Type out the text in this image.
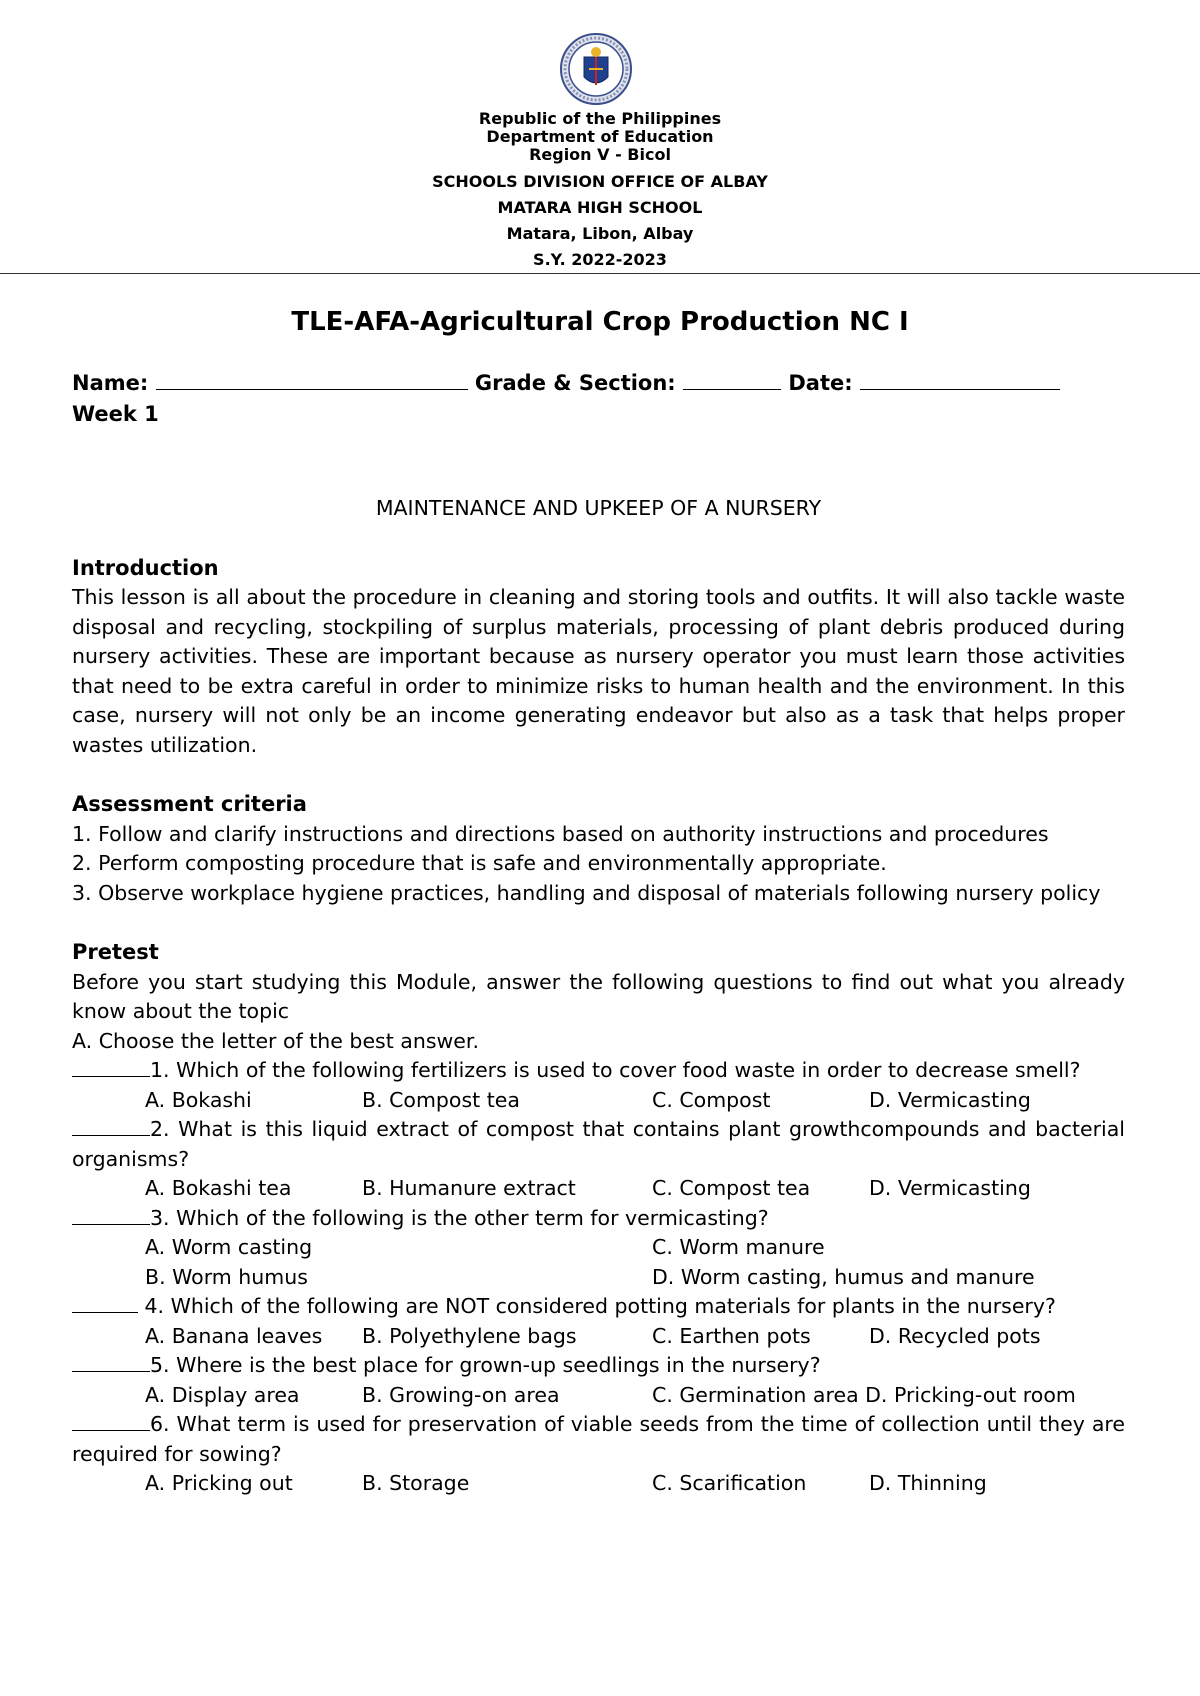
Republic of the Philippines
Department of Education
Region V - Bicol
SCHOOLS DIVISION OFFICE OF ALBAY
MATARA HIGH SCHOOL
Matara, Libon, Albay
S.Y. 2022-2023
TLE-AFA-Agricultural Crop Production NC I
Name:	Grade & Section:	Date:
Week 1
MAINTENANCE AND UPKEEP OF A NURSERY
Introduction

This lesson is all about the procedure in cleaning and storing tools and outfits. It will also tackle waste disposal and recycling, stockpiling of surplus materials, processing of plant debris produced during nursery activities. These are important because as nursery operator you must learn those activities that need to be extra careful in order to minimize risks to human health and the environment. In this case, nursery will not only be an income generating endeavor but also as a task that helps proper wastes utilization.

Assessment criteria

1. Follow and clarify instructions and directions based on authority instructions and procedures

2. Perform composting procedure that is safe and environmentally appropriate.

3. Observe workplace hygiene practices, handling and disposal of materials following nursery policy

Pretest

Before you start studying this Module, answer the following questions to find out what you already know about the topic

A. Choose the letter of the best answer.

1. Which of the following fertilizers is used to cover food waste in order to decrease smell?

A. Bokashi	B. Compost tea	C. Compost	D. Vermicasting

2. What is this liquid extract of compost that contains plant growthcompounds and bacterial organisms?

A. Bokashi tea	B. Humanure extract	C. Compost tea	D. Vermicasting

3. Which of the following is the other term for vermicasting?

A. Worm casting	C. Worm manure
B. Worm humus	D. Worm casting, humus and manure

4. Which of the following are NOT considered potting materials for plants in the nursery?

A. Banana leaves B. Polyethylene bags	C. Earthen pots	D. Recycled pots

5. Where is the best place for grown-up seedlings in the nursery?

A. Display area	B. Growing-on area	C. Germination area D. Pricking-out room

6. What term is used for preservation of viable seeds from the time of collection until they are required for sowing?

A. Pricking out	B. Storage	C. Scarification	D. Thinning
